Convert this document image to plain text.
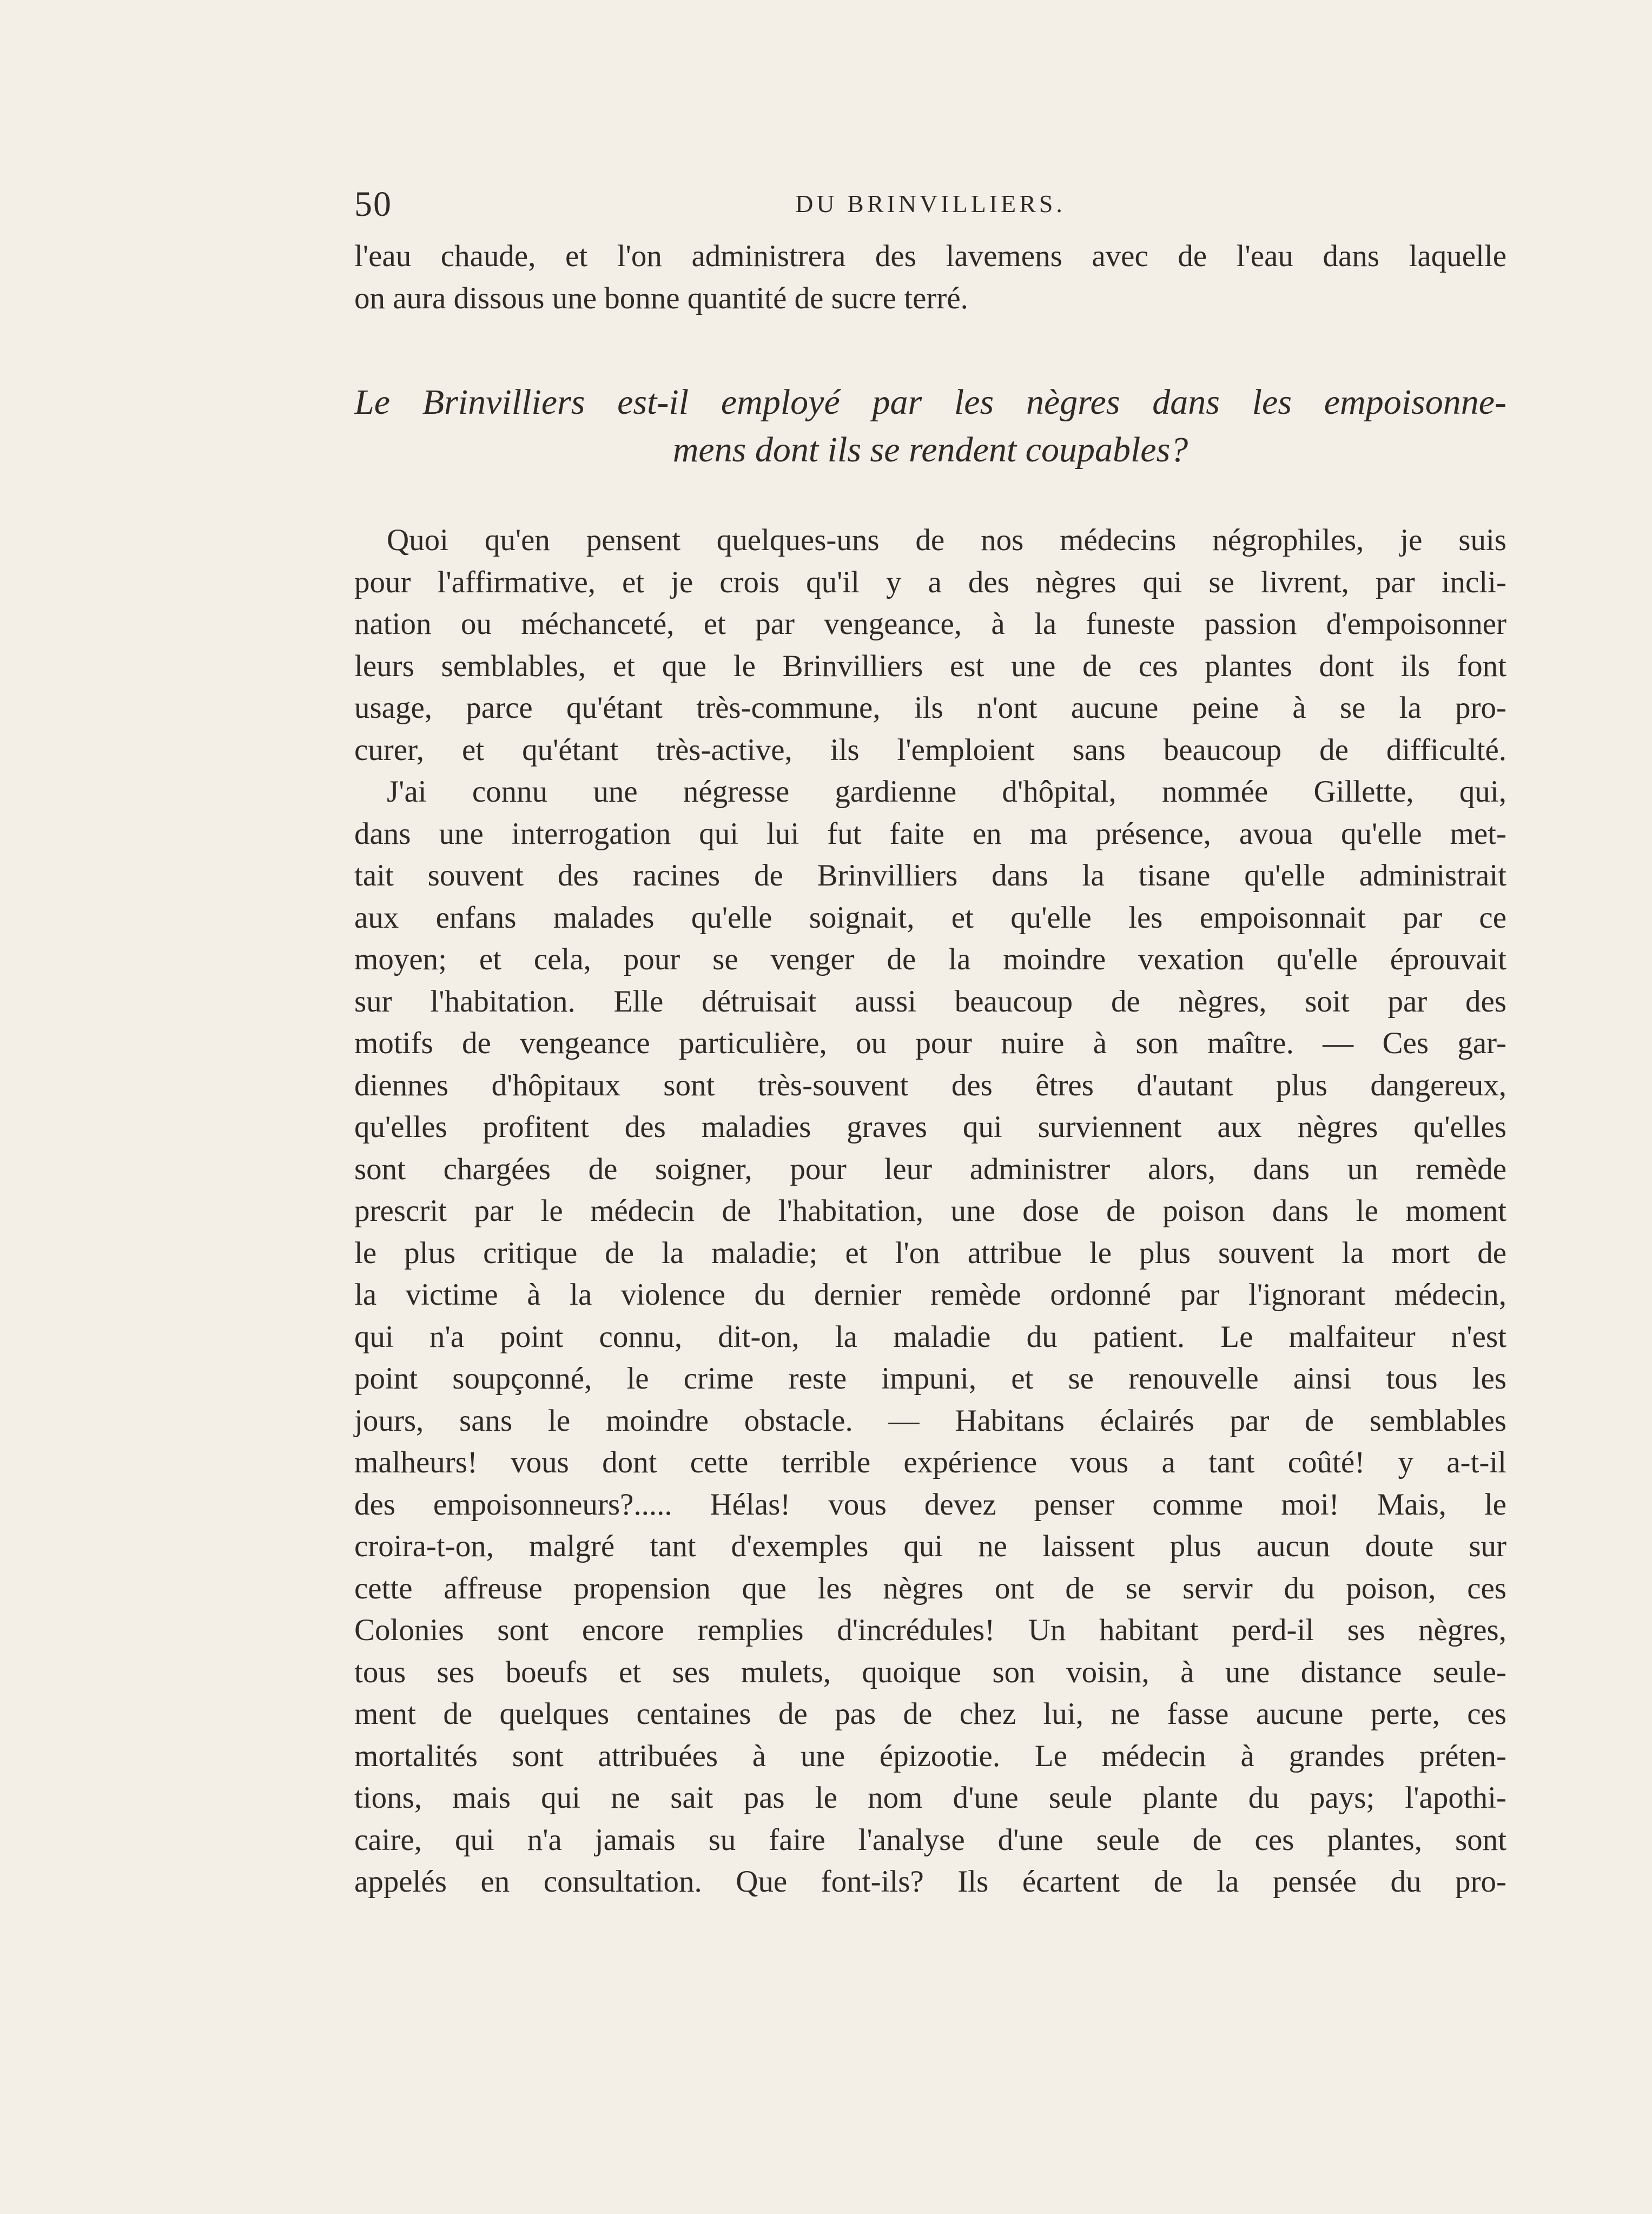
50	DU BRINVILLIERS.
l'eau chaude, et l'on administrera des lavemens avec de l'eau dans laquelle
on aura dissous une bonne quantité de sucre terré.
Le Brinvilliers est-il employé par les nègres dans les empoisonne-
mens dont ils se rendent coupables?
Quoi qu'en pensent quelques-uns de nos médecins négrophiles, je suis
pour l'affirmative, et je crois qu'il y a des nègres qui se livrent, par incli-
nation ou méchanceté, et par vengeance, à la funeste passion d'empoisonner
leurs semblables, et que le Brinvilliers est une de ces plantes dont ils font
usage, parce qu'étant très-commune, ils n'ont aucune peine à se la pro-
curer, et qu'étant très-active, ils l'emploient sans beaucoup de difficulté.
J'ai connu une négresse gardienne d'hôpital, nommée Gillette, qui,
dans une interrogation qui lui fut faite en ma présence, avoua qu'elle met-
tait souvent des racines de Brinvilliers dans la tisane qu'elle administrait
aux enfans malades qu'elle soignait, et qu'elle les empoisonnait par ce
moyen; et cela, pour se venger de la moindre vexation qu'elle éprouvait
sur l'habitation. Elle détruisait aussi beaucoup de nègres, soit par des
motifs de vengeance particulière, ou pour nuire à son maître. — Ces gar-
diennes d'hôpitaux sont très-souvent des êtres d'autant plus dangereux,
qu'elles profitent des maladies graves qui surviennent aux nègres qu'elles
sont chargées de soigner, pour leur administrer alors, dans un remède
prescrit par le médecin de l'habitation, une dose de poison dans le moment
le plus critique de la maladie; et l'on attribue le plus souvent la mort de
la victime à la violence du dernier remède ordonné par l'ignorant médecin,
qui n'a point connu, dit-on, la maladie du patient. Le malfaiteur n'est
point soupçonné, le crime reste impuni, et se renouvelle ainsi tous les
jours, sans le moindre obstacle. — Habitans éclairés par de semblables
malheurs! vous dont cette terrible expérience vous a tant coûté! y a-t-il
des empoisonneurs?..... Hélas! vous devez penser comme moi! Mais, le
croira-t-on, malgré tant d'exemples qui ne laissent plus aucun doute sur
cette affreuse propension que les nègres ont de se servir du poison, ces
Colonies sont encore remplies d'incrédules! Un habitant perd-il ses nègres,
tous ses boeufs et ses mulets, quoique son voisin, à une distance seule-
ment de quelques centaines de pas de chez lui, ne fasse aucune perte, ces
mortalités sont attribuées à une épizootie. Le médecin à grandes préten-
tions, mais qui ne sait pas le nom d'une seule plante du pays; l'apothi-
caire, qui n'a jamais su faire l'analyse d'une seule de ces plantes, sont
appelés en consultation. Que font-ils? Ils écartent de la pensée du pro-
